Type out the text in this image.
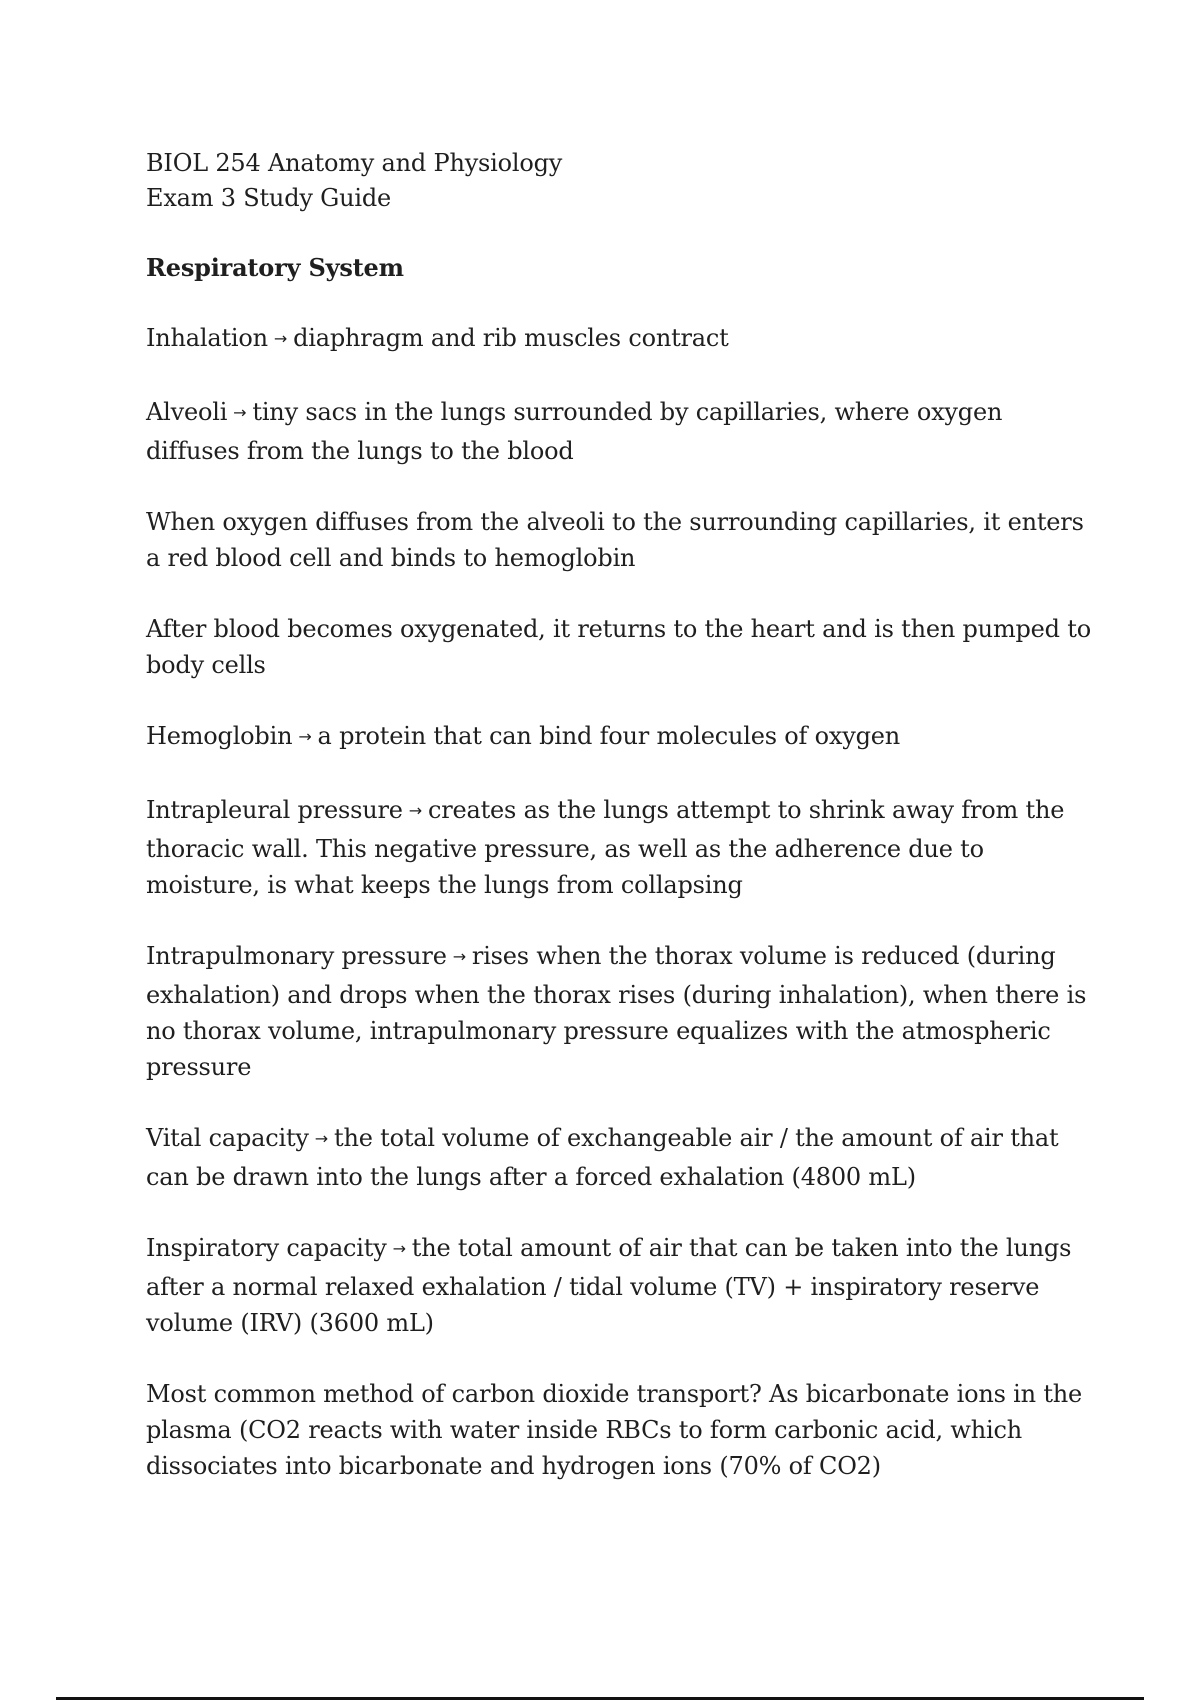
BIOL 254 Anatomy and Physiology

Exam 3 Study Guide

Respiratory System

Inhalation → diaphragm and rib muscles contract

Alveoli → tiny sacs in the lungs surrounded by capillaries, where oxygen diffuses from the lungs to the blood

When oxygen diffuses from the alveoli to the surrounding capillaries, it enters a red blood cell and binds to hemoglobin

After blood becomes oxygenated, it returns to the heart and is then pumped to body cells

Hemoglobin → a protein that can bind four molecules of oxygen

Intrapleural pressure → creates as the lungs attempt to shrink away from the thoracic wall. This negative pressure, as well as the adherence due to moisture, is what keeps the lungs from collapsing

Intrapulmonary pressure → rises when the thorax volume is reduced (during exhalation) and drops when the thorax rises (during inhalation), when there is no thorax volume, intrapulmonary pressure equalizes with the atmospheric pressure

Vital capacity → the total volume of exchangeable air / the amount of air that can be drawn into the lungs after a forced exhalation (4800 mL)

Inspiratory capacity → the total amount of air that can be taken into the lungs after a normal relaxed exhalation / tidal volume (TV) + inspiratory reserve volume (IRV) (3600 mL)

Most common method of carbon dioxide transport? As bicarbonate ions in the plasma (CO2 reacts with water inside RBCs to form carbonic acid, which dissociates into bicarbonate and hydrogen ions (70% of CO2)
